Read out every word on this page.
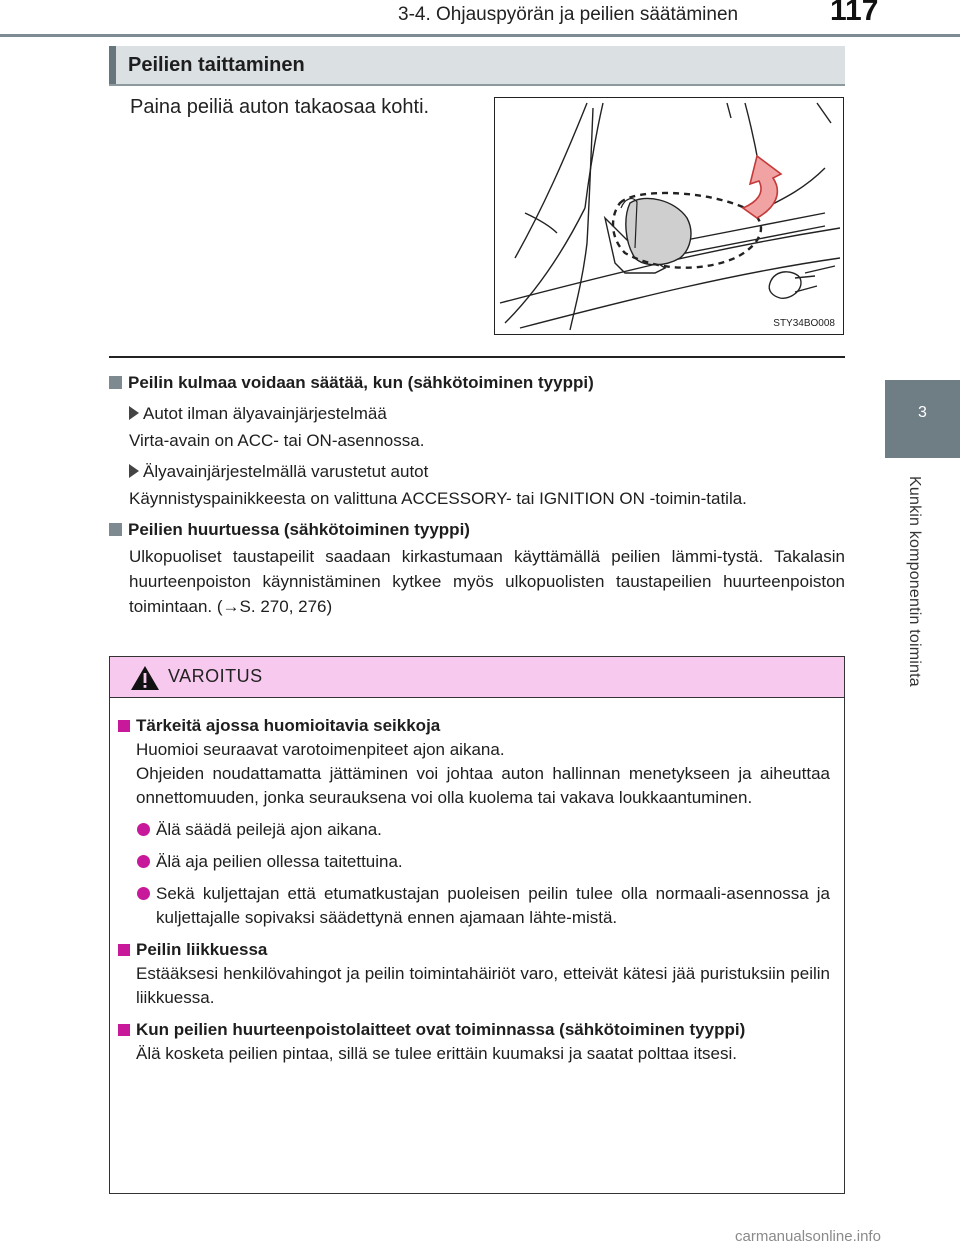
3-4. Ohjauspyörän ja peilien säätäminen	117
3
Kunkin komponentin toiminta
Peilien taittaminen
Paina peiliä auton takaosaa kohti.
STY34BO008
Peilin kulmaa voidaan säätää, kun (sähkötoiminen tyyppi)
Autot ilman älyavainjärjestelmää
Virta-avain on ACC- tai ON-asennossa.
Älyavainjärjestelmällä varustetut autot
Käynnistyspainikkeesta on valittuna ACCESSORY- tai IGNITION ON -toimin-tatila.
Peilien huurtuessa (sähkötoiminen tyyppi)
Ulkopuoliset taustapeilit saadaan kirkastumaan käyttämällä peilien lämmi-tystä. Takalasin huurteenpoiston käynnistäminen kytkee myös ulkopuolisten taustapeilien huurteenpoiston toimintaan. (→S. 270, 276)
VAROITUS
Tärkeitä ajossa huomioitavia seikkoja
Huomioi seuraavat varotoimenpiteet ajon aikana.
Ohjeiden noudattamatta jättäminen voi johtaa auton hallinnan menetykseen ja aiheuttaa onnettomuuden, jonka seurauksena voi olla kuolema tai vakava loukkaantuminen.
Älä säädä peilejä ajon aikana.
Älä aja peilien ollessa taitettuina.
Sekä kuljettajan että etumatkustajan puoleisen peilin tulee olla normaali-asennossa ja kuljettajalle sopivaksi säädettynä ennen ajamaan lähte-mistä.
Peilin liikkuessa
Estääksesi henkilövahingot ja peilin toimintahäiriöt varo, etteivät kätesi jää puristuksiin peilin liikkuessa.
Kun peilien huurteenpoistolaitteet ovat toiminnassa (sähkötoiminen tyyppi)
Älä kosketa peilien pintaa, sillä se tulee erittäin kuumaksi ja saatat polttaa itsesi.
carmanualsonline.info
